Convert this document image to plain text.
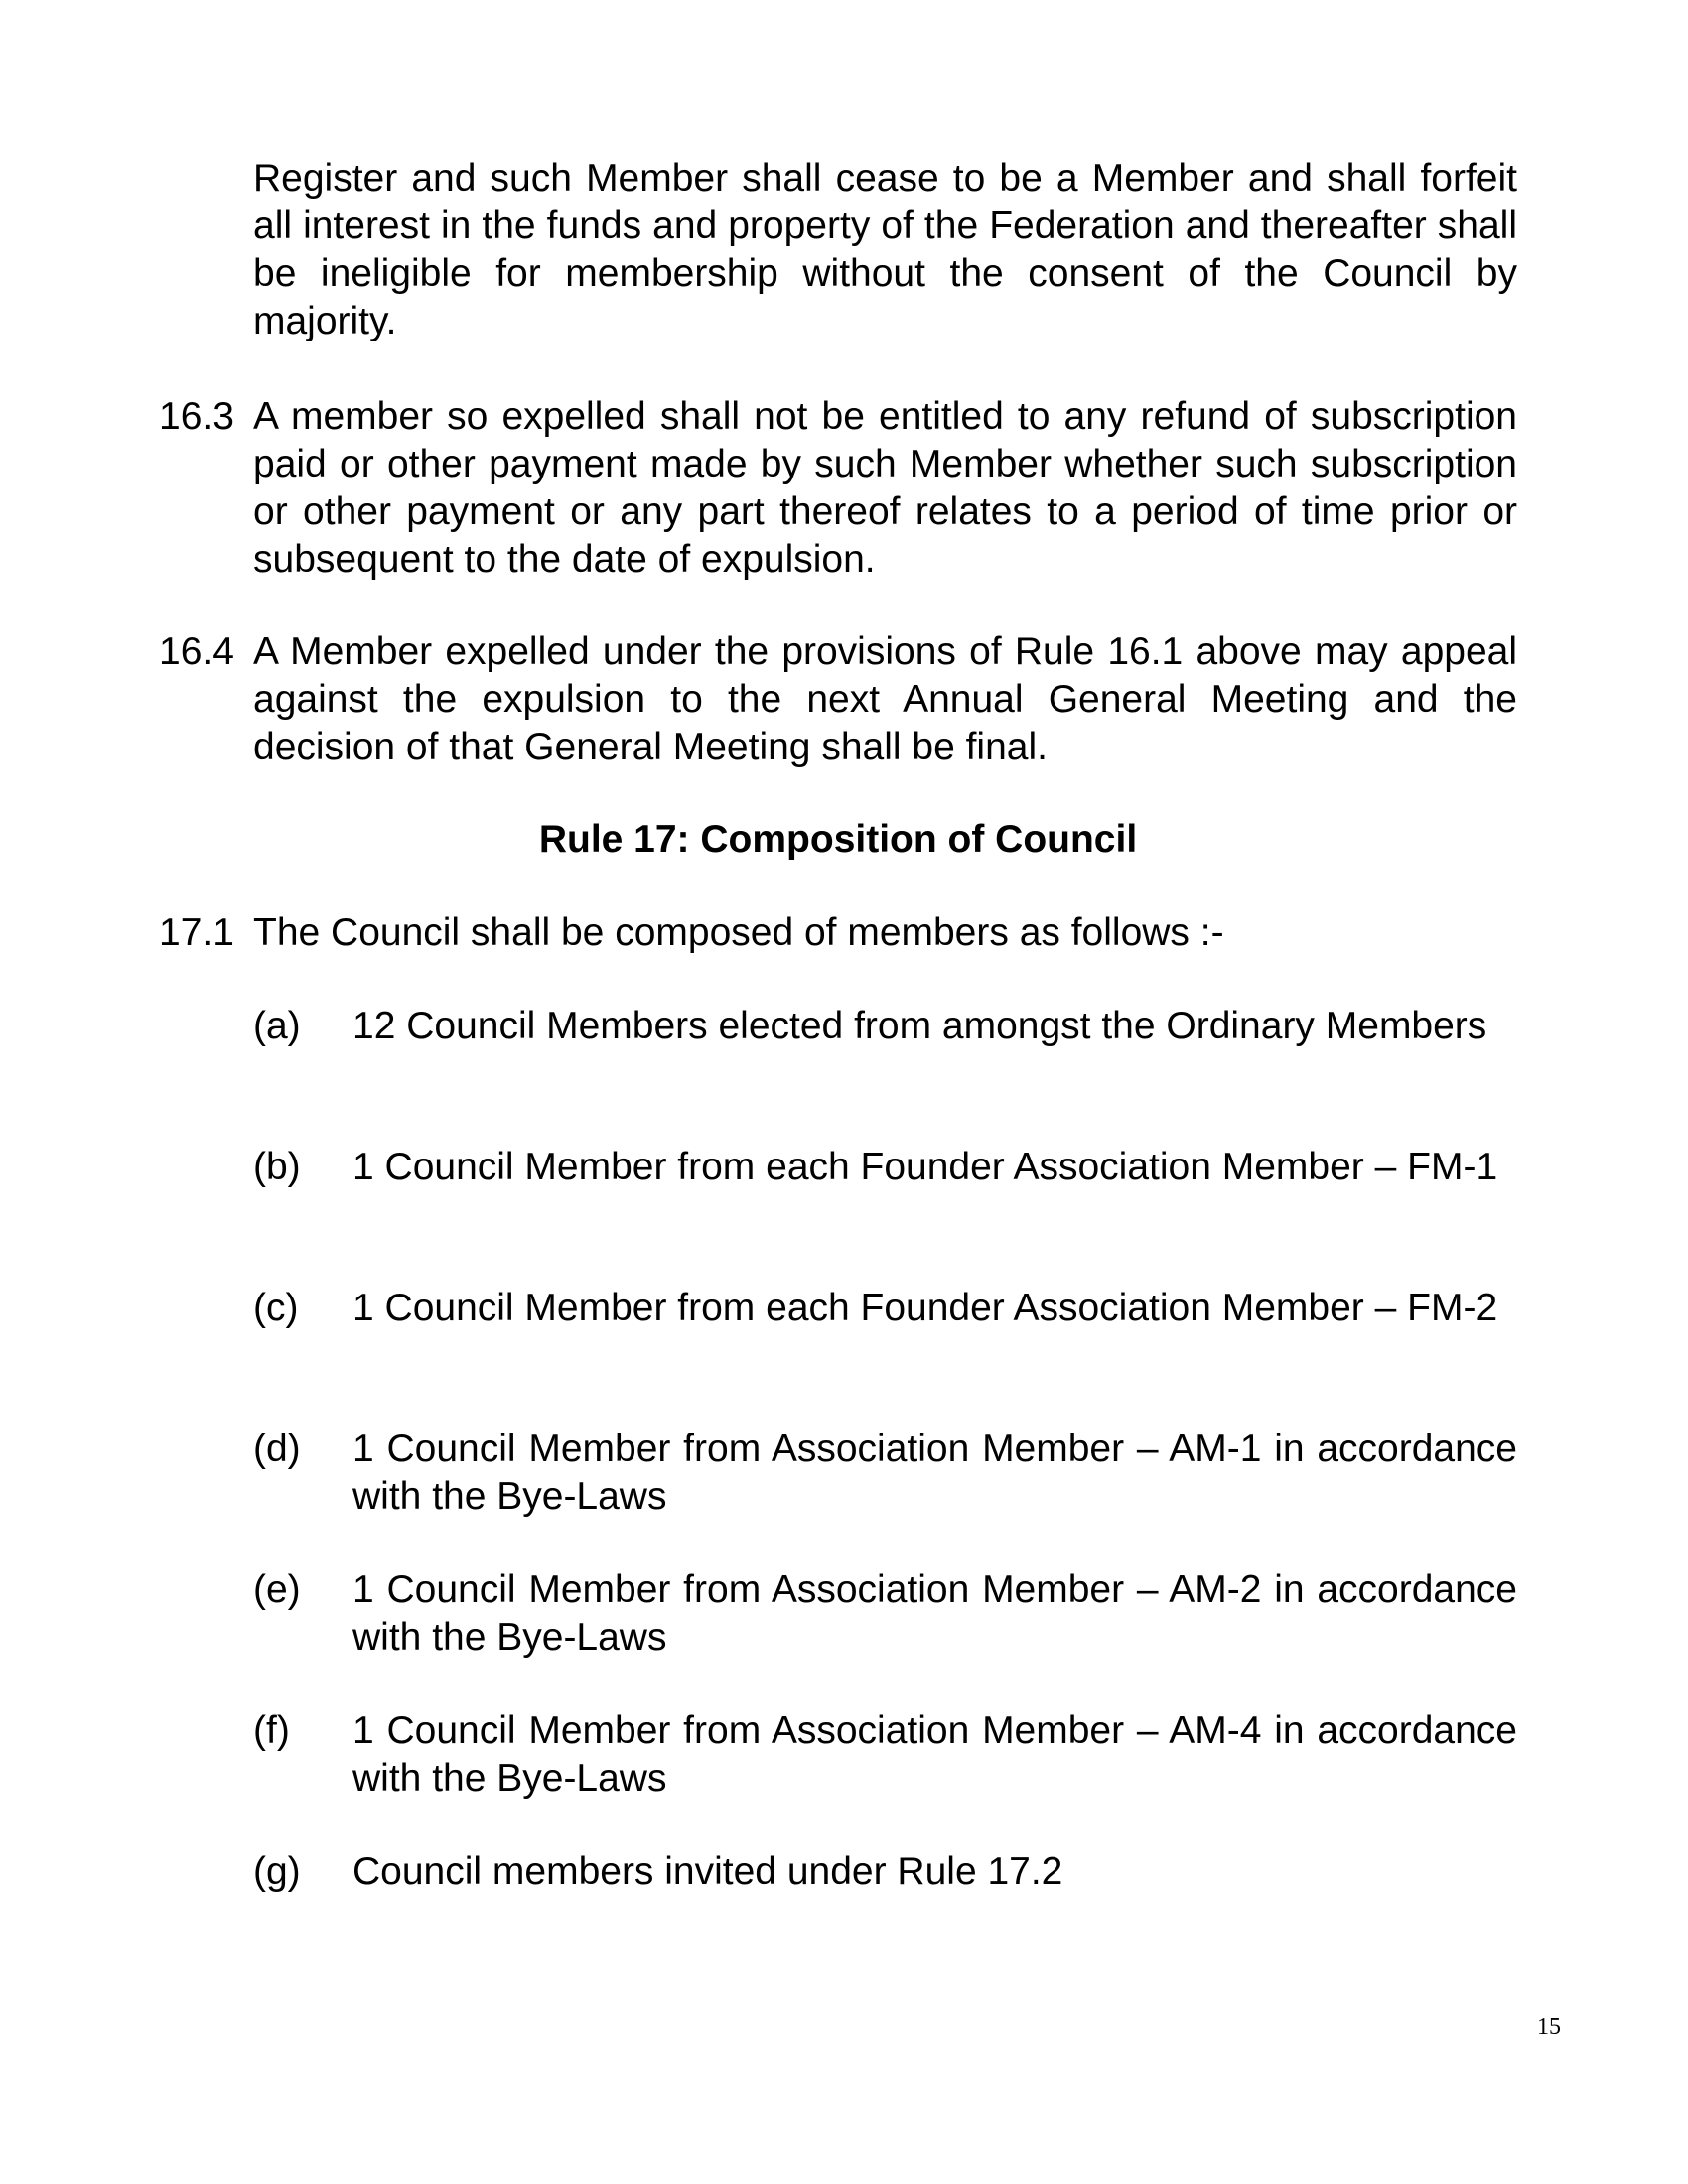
Register and such Member shall cease to be a Member and shall forfeit all interest in the funds and property of the Federation and thereafter shall be ineligible for membership without the consent of the Council by majority.

16.3 A member so expelled shall not be entitled to any refund of subscription paid or other payment made by such Member whether such subscription or other payment or any part thereof relates to a period of time prior or subsequent to the date of expulsion.

16.4 A Member expelled under the provisions of Rule 16.1 above may appeal against the expulsion to the next Annual General Meeting and the decision of that General Meeting shall be final.

Rule 17: Composition of Council
17.1 The Council shall be composed of members as follows :-

(a) 12 Council Members elected from amongst the Ordinary Members

(b) 1 Council Member from each Founder Association Member – FM-1

(c) 1 Council Member from each Founder Association Member – FM-2

(d) 1 Council Member from Association Member – AM-1 in accordance with the Bye-Laws

(e) 1 Council Member from Association Member – AM-2 in accordance with the Bye-Laws

(f) 1 Council Member from Association Member – AM-4 in accordance with the Bye-Laws

(g) Council members invited under Rule 17.2

15
